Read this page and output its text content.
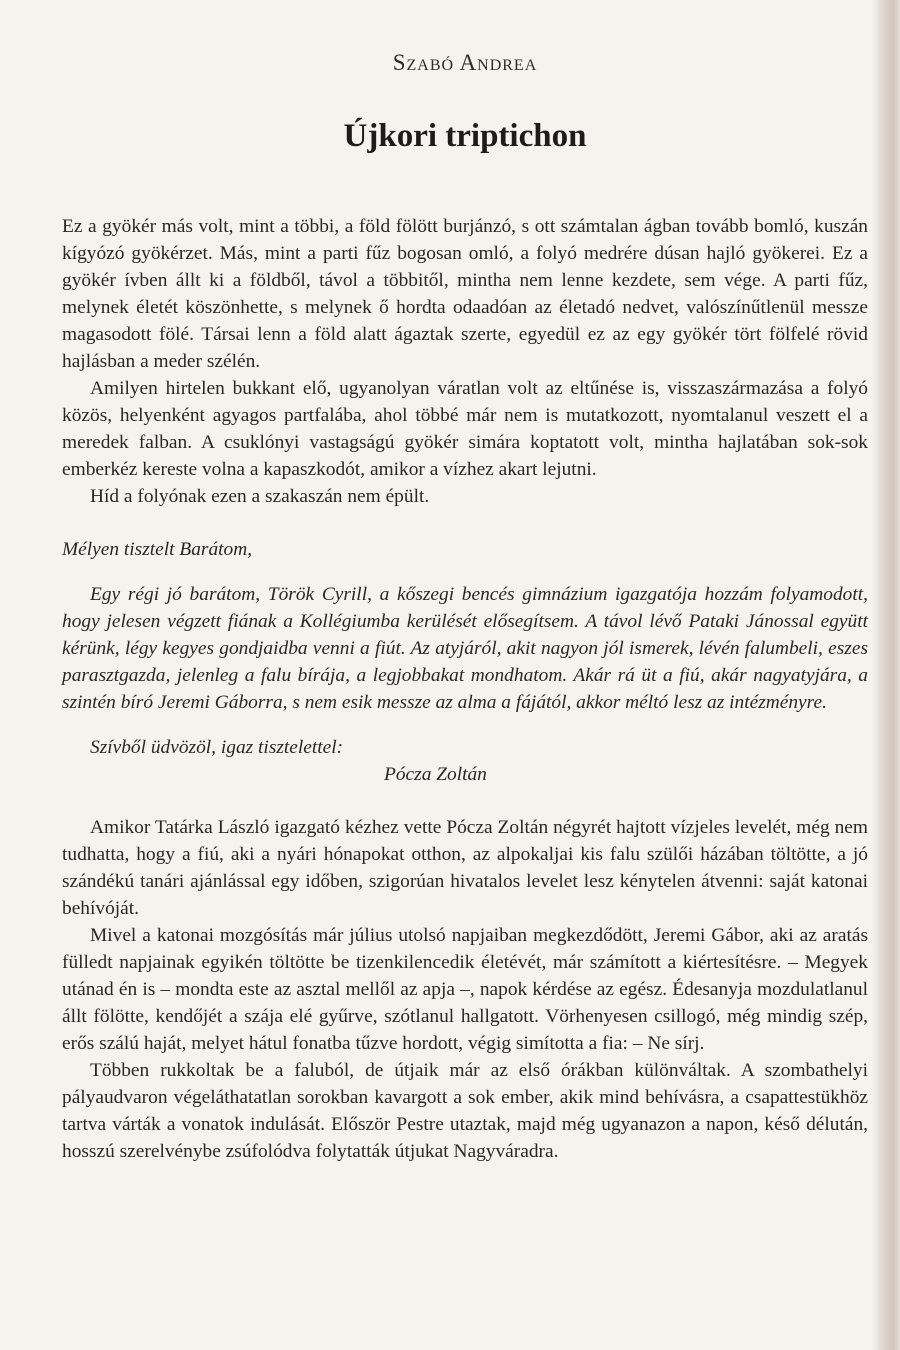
Szabó Andrea
Újkori triptichon

Ez a gyökér más volt, mint a többi, a föld fölött burjánzó, s ott számtalan ágban tovább bomló, kuszán kígyózó gyökérzet. Más, mint a parti fűz bogosan omló, a folyó medrére dúsan hajló gyökerei. Ez a gyökér ívben állt ki a földből, távol a többitől, mintha nem lenne kezdete, sem vége. A parti fűz, melynek életét köszönhette, s melynek ő hordta odaadóan az életadó nedvet, valószínűtlenül messze magasodott fölé. Társai lenn a föld alatt ágaztak szerte, egyedül ez az egy gyökér tört fölfelé rövid hajlásban a meder szélén.

Amilyen hirtelen bukkant elő, ugyanolyan váratlan volt az eltűnése is, visszaszármazása a folyó közös, helyenként agyagos partfalába, ahol többé már nem is mutatkozott, nyomtalanul veszett el a meredek falban. A csuklónyi vastagságú gyökér simára koptatott volt, mintha hajlatában sok-sok emberkéz kereste volna a kapaszkodót, amikor a vízhez akart lejutni.

Híd a folyónak ezen a szakaszán nem épült.

Mélyen tisztelt Barátom,

Egy régi jó barátom, Török Cyrill, a kőszegi bencés gimnázium igazgatója hozzám folyamodott, hogy jelesen végzett fiának a Kollégiumba kerülését elősegítsem. A távol lévő Pataki Jánossal együtt kérünk, légy kegyes gondjaidba venni a fiút. Az atyjáról, akit nagyon jól ismerek, lévén falumbeli, eszes parasztgazda, jelenleg a falu bírája, a legjobbakat mondhatom. Akár rá üt a fiú, akár nagyatyjára, a szintén bíró Jeremi Gáborra, s nem esik messze az alma a fájától, akkor méltó lesz az intézményre.

Szívből üdvözöl, igaz tisztelettel:

Pócza Zoltán

Amikor Tatárka László igazgató kézhez vette Pócza Zoltán négyrét hajtott vízjeles levelét, még nem tudhatta, hogy a fiú, aki a nyári hónapokat otthon, az alpokaljai kis falu szülői házában töltötte, a jó szándékú tanári ajánlással egy időben, szigorúan hivatalos levelet lesz kénytelen átvenni: saját katonai behívóját.

Mivel a katonai mozgósítás már július utolsó napjaiban megkezdődött, Jeremi Gábor, aki az aratás fülledt napjainak egyikén töltötte be tizenkilencedik életévét, már számított a kiértesítésre. – Megyek utánad én is – mondta este az asztal mellől az apja –, napok kérdése az egész. Édesanyja mozdulatlanul állt fölötte, kendőjét a szája elé gyűrve, szótlanul hallgatott. Vörhenyesen csillogó, még mindig szép, erős szálú haját, melyet hátul fonatba tűzve hordott, végig simította a fia: – Ne sírj.

Többen rukkoltak be a faluból, de útjaik már az első órákban különváltak. A szombathelyi pályaudvaron végeláthatatlan sorokban kavargott a sok ember, akik mind behívásra, a csapattestükhöz tartva várták a vonatok indulását. Először Pestre utaztak, majd még ugyanazon a napon, késő délután, hosszú szerelvénybe zsúfolódva folytatták útjukat Nagyváradra.
